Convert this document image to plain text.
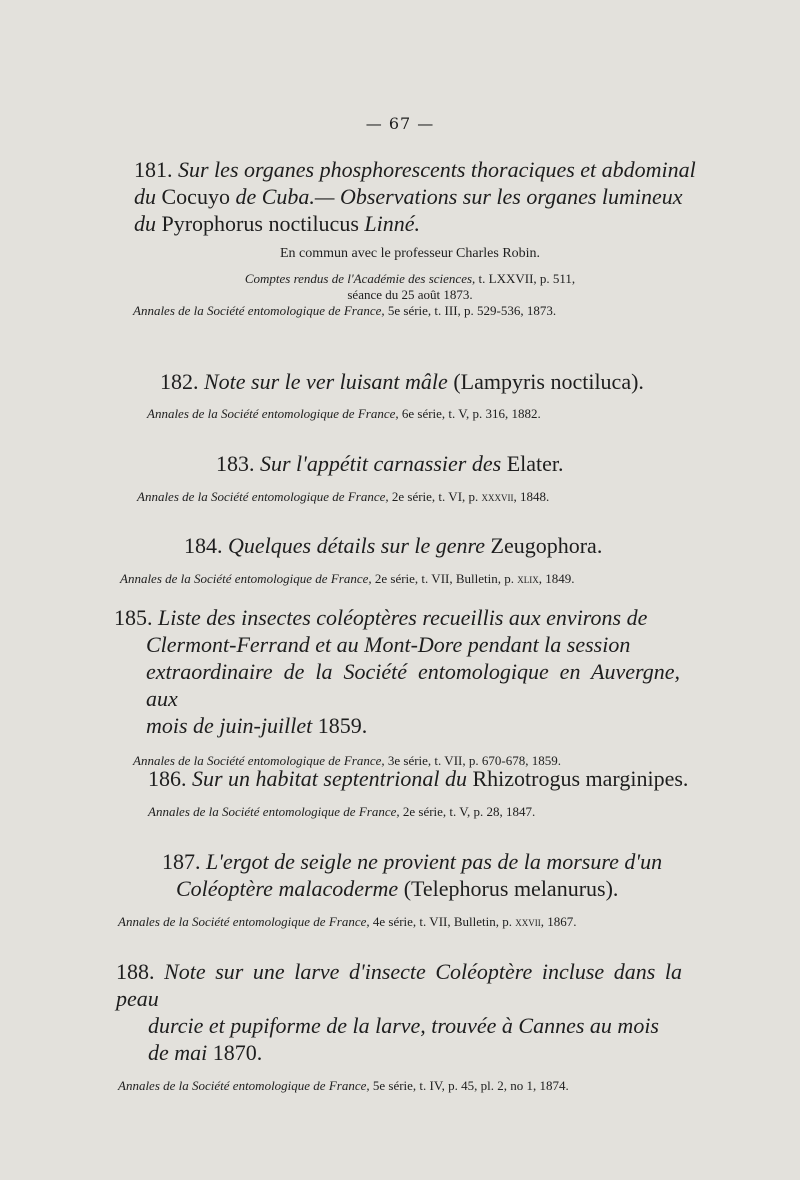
— 67 —

181. Sur les organes phosphorescents thoraciques et abdominal

du Cocuyo de Cuba.— Observations sur les organes lumineux

du Pyrophorus noctilucus Linné.

En commun avec le professeur Charles Robin.

Comptes rendus de l'Académie des sciences, t. LXXVII, p. 511,

séance du 25 août 1873.

Annales de la Société entomologique de France, 5e série, t. III, p. 529-536, 1873.

182. Note sur le ver luisant mâle (Lampyris noctiluca).

Annales de la Société entomologique de France, 6e série, t. V, p. 316, 1882.

183. Sur l'appétit carnassier des Elater.

Annales de la Société entomologique de France, 2e série, t. VI, p. xxxvii, 1848.

184. Quelques détails sur le genre Zeugophora.

Annales de la Société entomologique de France, 2e série, t. VII, Bulletin, p. xlix, 1849.

185. Liste des insectes coléoptères recueillis aux environs de

Clermont-Ferrand et au Mont-Dore pendant la session

extraordinaire de la Société entomologique en Auvergne, aux

mois de juin-juillet 1859.

Annales de la Société entomologique de France, 3e série, t. VII, p. 670-678, 1859.

186. Sur un habitat septentrional du Rhizotrogus marginipes.

Annales de la Société entomologique de France, 2e série, t. V, p. 28, 1847.

187. L'ergot de seigle ne provient pas de la morsure d'un

Coléoptère malacoderme (Telephorus melanurus).

Annales de la Société entomologique de France, 4e série, t. VII, Bulletin, p. xxvii, 1867.

188. Note sur une larve d'insecte Coléoptère incluse dans la peau

durcie et pupiforme de la larve, trouvée à Cannes au mois

de mai 1870.

Annales de la Société entomologique de France, 5e série, t. IV, p. 45, pl. 2, no 1, 1874.
